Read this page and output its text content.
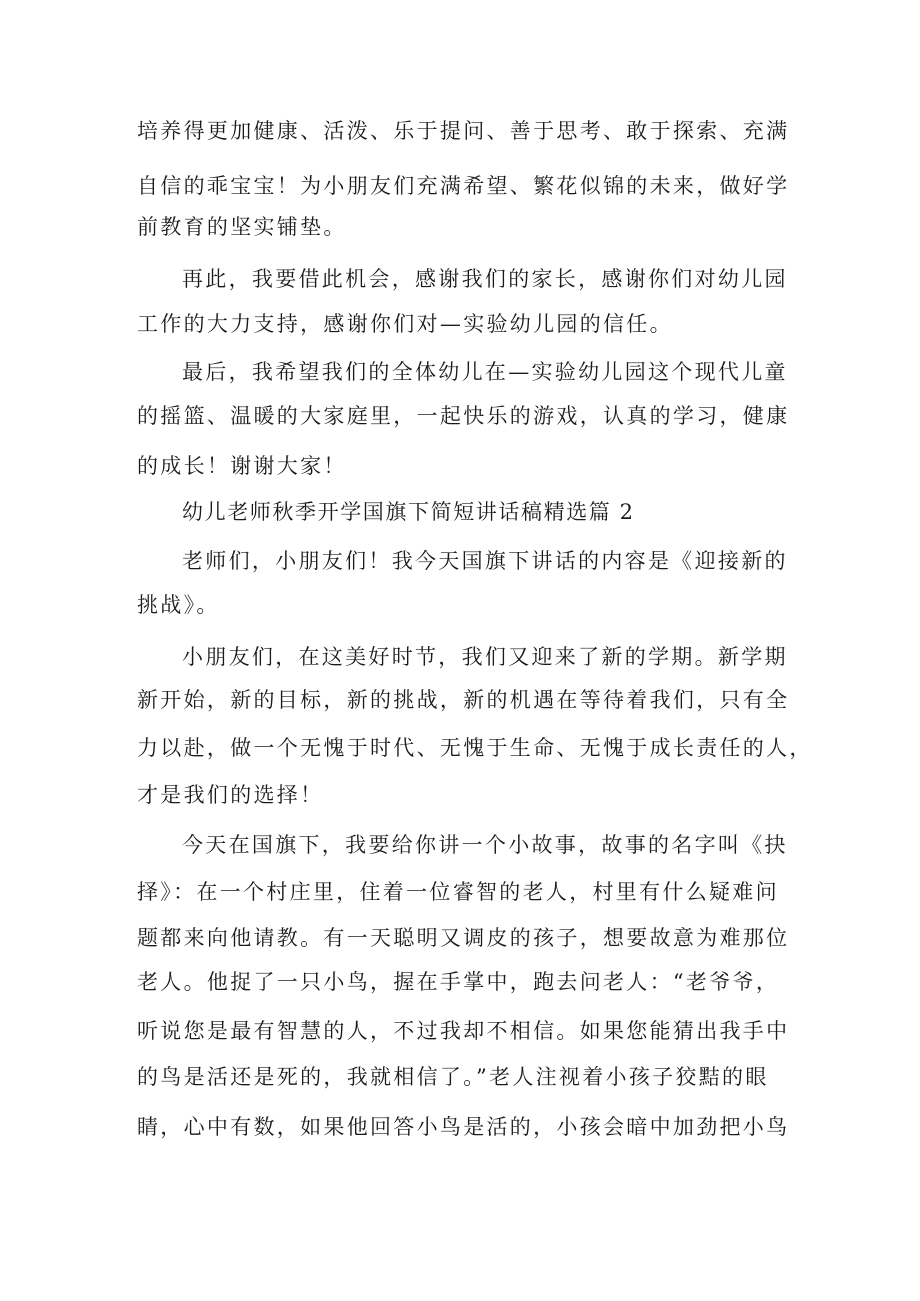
培养得更加健康、活泼、乐于提问、善于思考、敢于探索、充满

自信的乖宝宝！为小朋友们充满希望、繁花似锦的未来，做好学

前教育的坚实铺垫。

再此，我要借此机会，感谢我们的家长，感谢你们对幼儿园

工作的大力支持，感谢你们对—实验幼儿园的信任。

最后，我希望我们的全体幼儿在—实验幼儿园这个现代儿童

的摇篮、温暖的大家庭里，一起快乐的游戏，认真的学习，健康

的成长！谢谢大家！

幼儿老师秋季开学国旗下简短讲话稿精选篇 2

老师们，小朋友们！我今天国旗下讲话的内容是《迎接新的

挑战》。

小朋友们，在这美好时节，我们又迎来了新的学期。新学期

新开始，新的目标，新的挑战，新的机遇在等待着我们，只有全

力以赴，做一个无愧于时代、无愧于生命、无愧于成长责任的人，

才是我们的选择！

今天在国旗下，我要给你讲一个小故事，故事的名字叫《抉

择》：在一个村庄里，住着一位睿智的老人，村里有什么疑难问

题都来向他请教。有一天聪明又调皮的孩子，想要故意为难那位

老人。他捉了一只小鸟，握在手掌中，跑去问老人：“老爷爷，

听说您是最有智慧的人，不过我却不相信。如果您能猜出我手中

的鸟是活还是死的，我就相信了。”老人注视着小孩子狡黠的眼

睛，心中有数，如果他回答小鸟是活的，小孩会暗中加劲把小鸟
